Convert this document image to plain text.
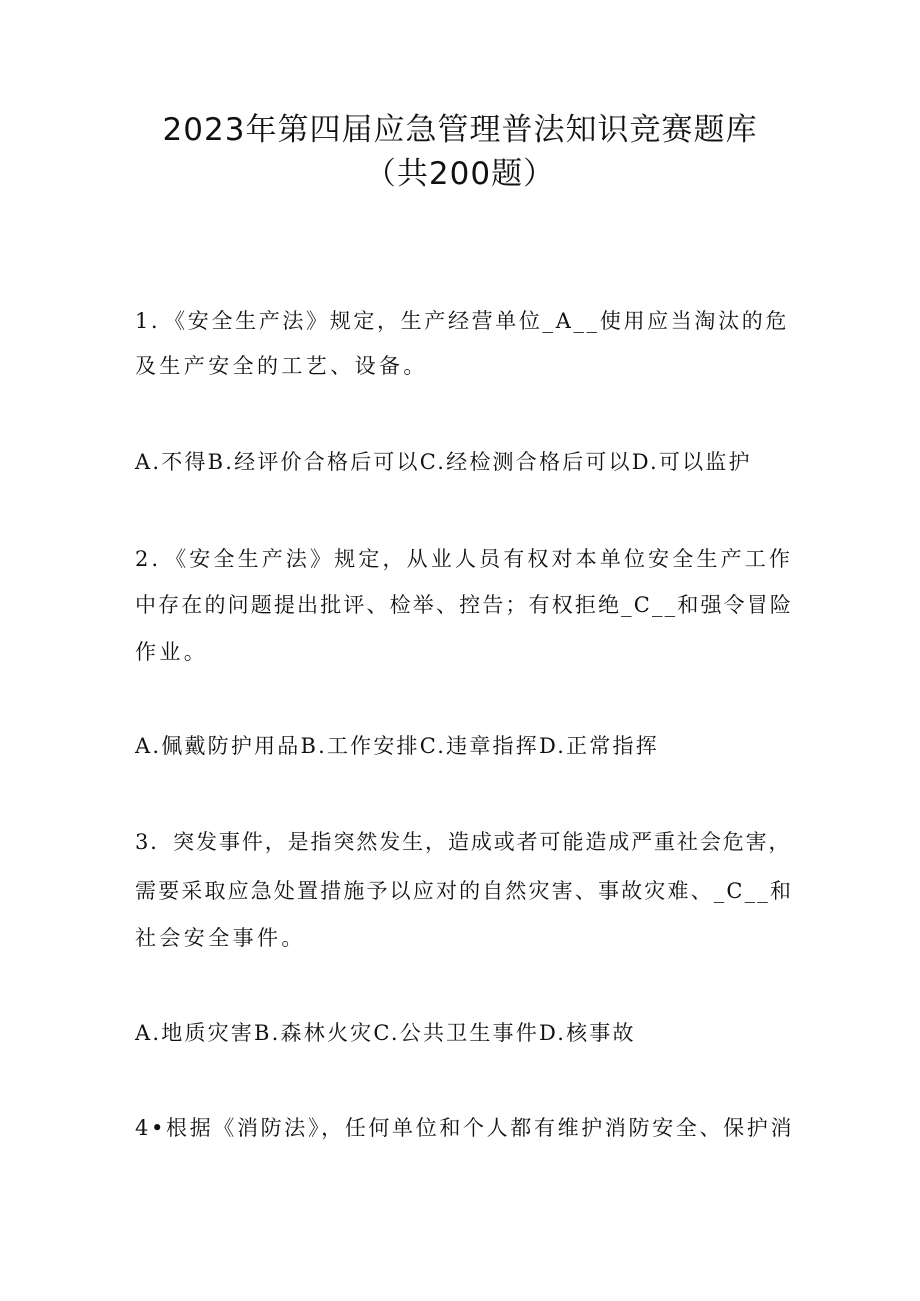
2023年第四届应急管理普法知识竞赛题库
（共200题）
1．《安全生产法》规定，生产经营单位_A__使用应当淘汰的危
及生产安全的工艺、设备。
A.不得B.经评价合格后可以C.经检测合格后可以D.可以监护
2．《安全生产法》规定，从业人员有权对本单位安全生产工作
中存在的问题提出批评、检举、控告；有权拒绝_C__和强令冒险
作业。
A.佩戴防护用品B.工作安排C.违章指挥D.正常指挥
3．突发事件，是指突然发生，造成或者可能造成严重社会危害，
需要采取应急处置措施予以应对的自然灾害、事故灾难、_C__和
社会安全事件。
A.地质灾害B.森林火灾C.公共卫生事件D.核事故
4•根据《消防法》，任何单位和个人都有维护消防安全、保护消
